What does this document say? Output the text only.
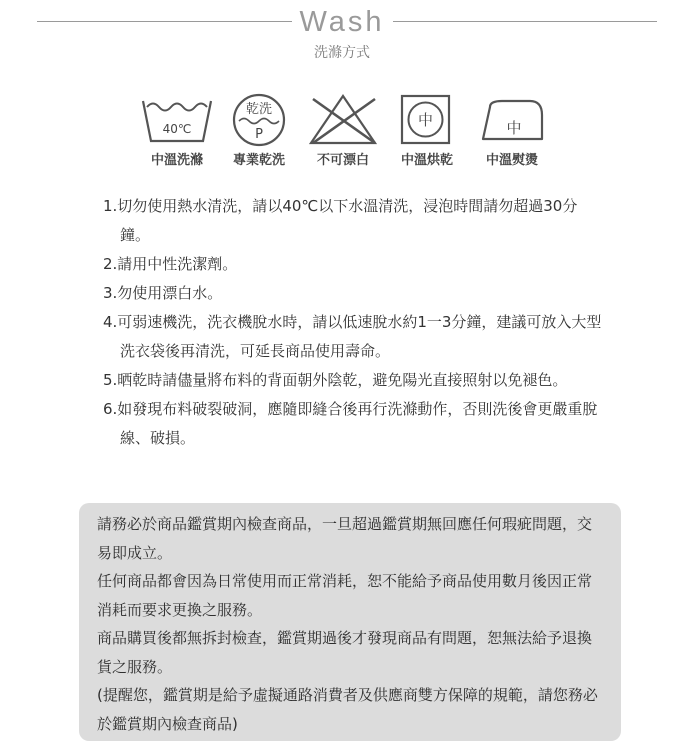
Wash
洗滌方式
40℃
中溫洗滌
乾洗
P
專業乾洗	不可漂白
中
中溫烘乾
中
中溫熨燙
1.切勿使用熱水清洗，請以40℃以下水溫清洗，浸泡時間請勿超過30分鐘。
2.請用中性洗潔劑。
3.勿使用漂白水。
4.可弱速機洗，洗衣機脫水時，請以低速脫水約1一3分鐘，建議可放入大型洗衣袋後再清洗，可延長商品使用壽命。
5.晒乾時請儘量將布料的背面朝外陰乾，避免陽光直接照射以免褪色。
6.如發現布料破裂破洞，應隨即縫合後再行洗滌動作，否則洗後會更嚴重脫線、破損。

請務必於商品鑑賞期內檢查商品，一旦超過鑑賞期無回應任何瑕疵問題，交易即成立。

任何商品都會因為日常使用而正常消耗，恕不能給予商品使用數月後因正常消耗而要求更換之服務。

商品購買後都無拆封檢查，鑑賞期過後才發現商品有問題，恕無法給予退換貨之服務。

(提醒您，鑑賞期是給予虛擬通路消費者及供應商雙方保障的規範，請您務必於鑑賞期內檢查商品)
